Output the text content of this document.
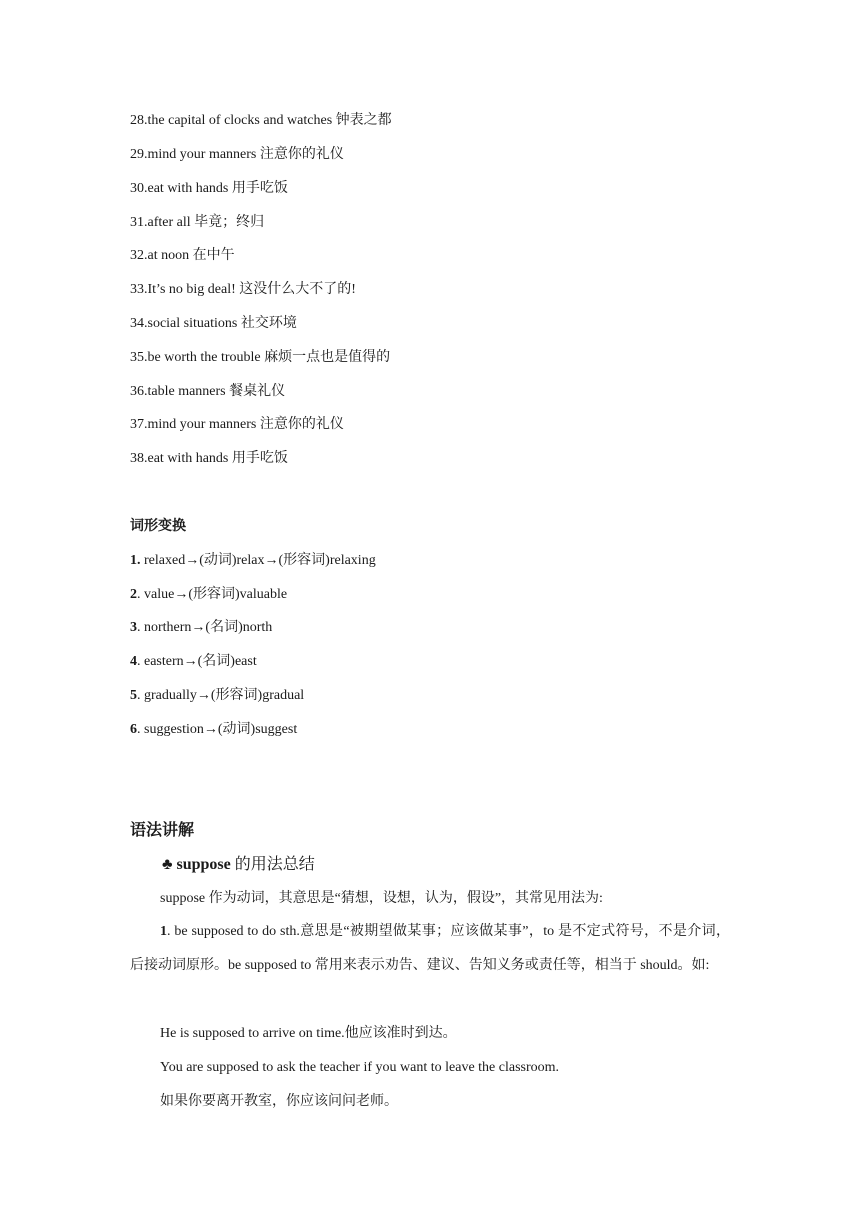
28.the capital of clocks and watches 钟表之都
29.mind your manners 注意你的礼仪
30.eat with hands 用手吃饭
31.after all 毕竟；终归
32.at noon 在中午
33.It’s no big deal! 这没什么大不了的!
34.social situations 社交环境
35.be worth the trouble 麻烦一点也是值得的
36.table manners 餐桌礼仪
37.mind your manners 注意你的礼仪
38.eat with hands 用手吃饭
词形变换
1. relaxed→(动词)relax→(形容词)relaxing
2. value→(形容词)valuable
3. northern→(名词)north
4. eastern→(名词)east
5. gradually→(形容词)gradual
6. suggestion→(动词)suggest
语法讲解
♣ suppose 的用法总结
suppose 作为动词，其意思是“猜想，设想，认为，假设”，其常见用法为:
1. be supposed to do sth.意思是“被期望做某事；应该做某事”，to 是不定式符号，不是介词，后接动词原形。be supposed to 常用来表示劝告、建议、告知义务或责任等，相当于 should。如:
He is supposed to arrive on time.他应该准时到达。
You are supposed to ask the teacher if you want to leave the classroom.
如果你要离开教室，你应该问问老师。
